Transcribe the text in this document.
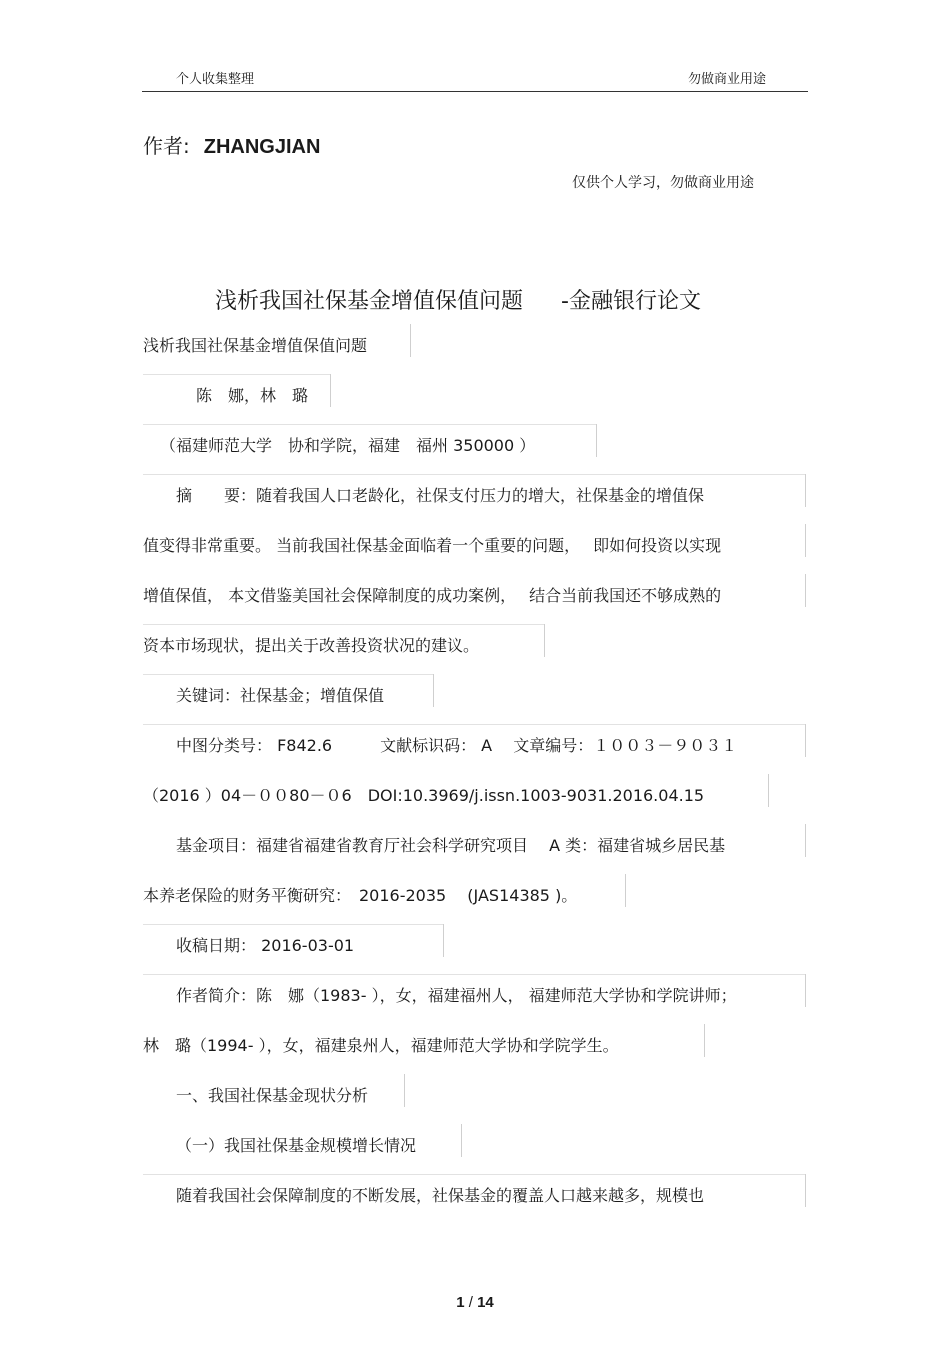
个人收集整理	勿做商业用途
作者: ZHANGJIAN
仅供个人学习，勿做商业用途
浅析我国社保基金增值保值问题 -金融银行论文
浅析我国社保基金增值保值问题
陈　娜，林　璐
（福建师范大学　协和学院，福建　福州 350000 ）
摘　　要：随着我国人口老龄化，社保支付压力的增大，社保基金的增值保
值变得非常重要。 当前我国社保基金面临着一个重要的问题，　 即如何投资以实现
增值保值， 本文借鉴美国社会保障制度的成功案例，　 结合当前我国还不够成熟的
资本市场现状，提出关于改善投资状况的建议。
关键词：社保基金；增值保值
中图分类号： F842.6　　　文献标识码： A　 文章编号：１００３－９０３１
（2016 ）04－００80－０6　DOI:10.3969/j.issn.1003-9031.2016.04.15
基金项目：福建省福建省教育厅社会科学研究项目　 A 类：福建省城乡居民基
本养老保险的财务平衡研究：　2016-2035 　(JAS14385 )。
收稿日期： 2016-03-01
作者简介：陈　娜（1983- ），女，福建福州人， 福建师范大学协和学院讲师；
林　璐（1994- ），女，福建泉州人，福建师范大学协和学院学生。
一、我国社保基金现状分析
（一）我国社保基金规模增长情况
随着我国社会保障制度的不断发展，社保基金的覆盖人口越来越多，规模也
1 / 14
